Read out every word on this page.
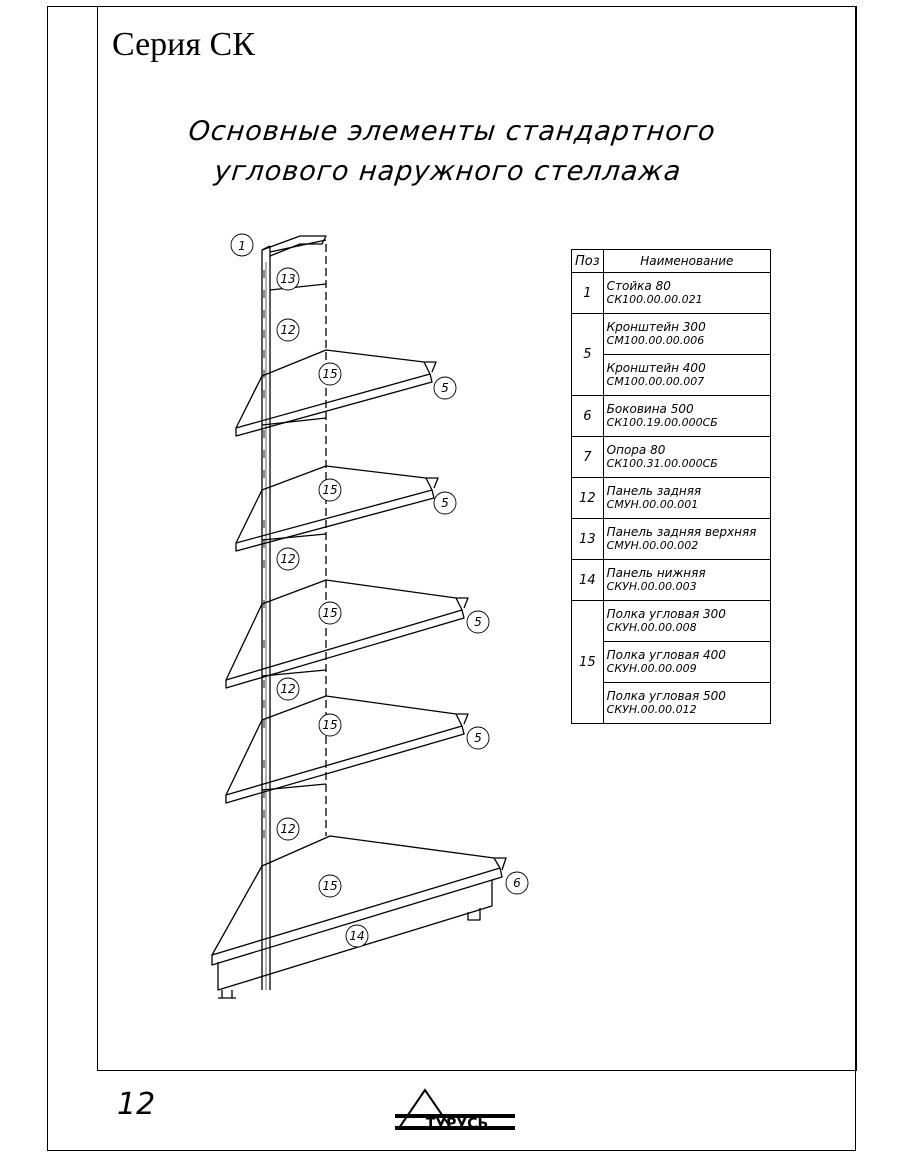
Серия СК
Основные элементы стандартного
углового наружного стеллажа
1
13
12
15
5
15
5
12
15
5
12
15
5
12
15	6
14
Поз	Наименование
1	Стойка 80
СК100.00.00.021

5	Кронштейн 300
СМ100.00.00.006

	Кронштейн 400
СМ100.00.00.007

6	Боковина 500
СК100.19.00.000СБ

7	Опора 80
СК100.31.00.000СБ

12	Панель задняя
СМУН.00.00.001

13	Панель задняя верхняя
СМУН.00.00.002

14	Панель нижняя
СКУН.00.00.003

15	Полка угловая 300
СКУН.00.00.008

	Полка угловая 400
СКУН.00.00.009

	Полка угловая 500
СКУН.00.00.012
12
ТУРУСЬ
